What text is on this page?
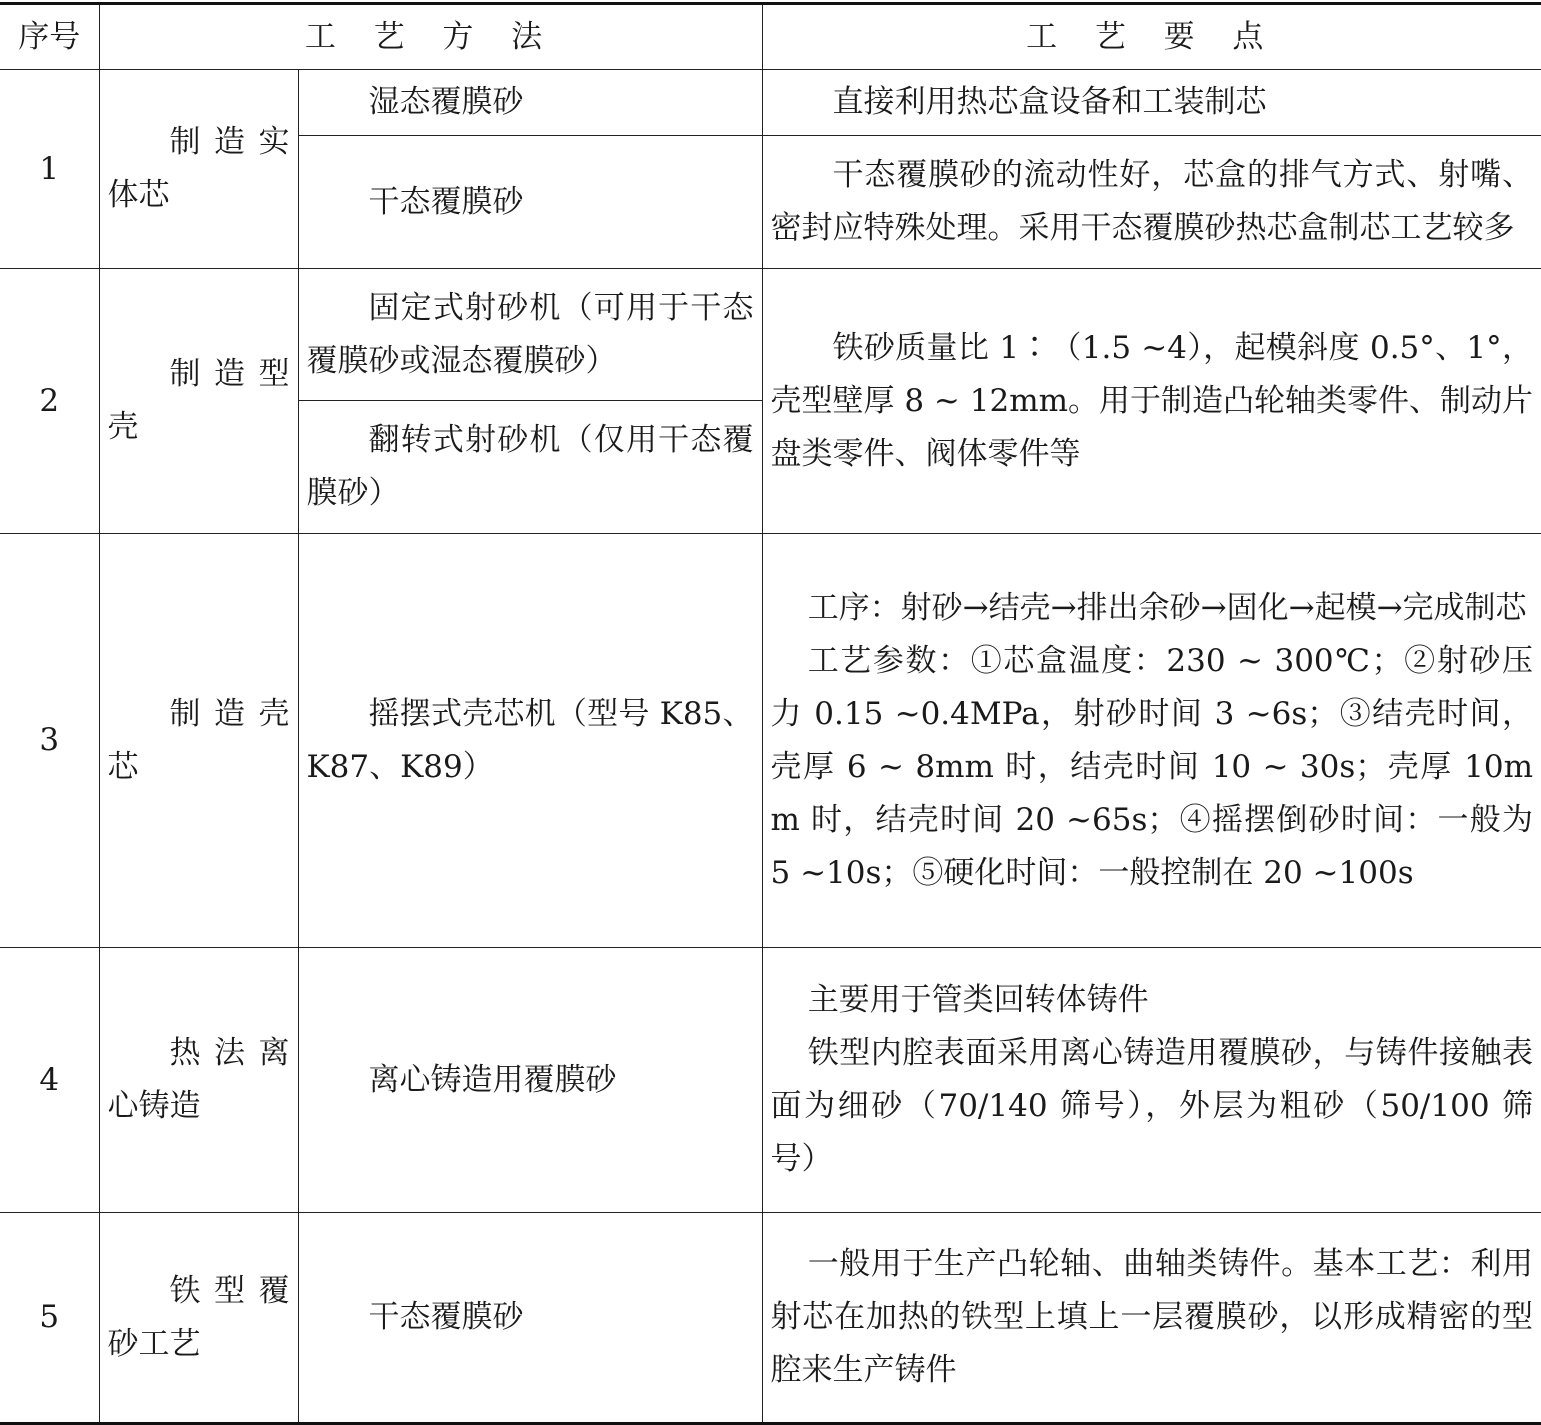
序号	工 艺 方 法		工 艺 要 点
1	制造实体芯	湿态覆膜砂	直接利用热芯盒设备和工装制芯
		干态覆膜砂	干态覆膜砂的流动性好，芯盒的排气方式、射嘴、密封应特殊处理。采用干态覆膜砂热芯盒制芯工艺较多
2	制造型壳	固定式射砂机（可用于干态覆膜砂或湿态覆膜砂）	铁砂质量比 1∶（1.5 ~4），起模斜度 0.5°、1°，壳型壁厚 8 ~ 12mm。用于制造凸轮轴类零件、制动片盘类零件、阀体零件等
		翻转式射砂机（仅用干态覆膜砂）	
3	制造壳芯	摇摆式壳芯机（型号 K85、K87、K89）	工序：射砂→结壳→排出余砂→固化→起模→完成制芯

工艺参数：①芯盒温度：230 ~ 300℃；②射砂压力 0.15 ~0.4MPa，射砂时间 3 ~6s；③结壳时间，壳厚 6 ~ 8mm 时，结壳时间 10 ~ 30s；壳厚 10mm 时，结壳时间 20 ~65s；④摇摆倒砂时间：一般为 5 ~10s；⑤硬化时间：一般控制在 20 ~100s

4	热法离心铸造	离心铸造用覆膜砂	主要用于管类回转体铸件

铁型内腔表面采用离心铸造用覆膜砂，与铸件接触表面为细砂（70/140 筛号），外层为粗砂（50/100 筛号）

5	铁型覆砂工艺	干态覆膜砂	一般用于生产凸轮轴、曲轴类铸件。基本工艺：利用射芯在加热的铁型上填上一层覆膜砂，以形成精密的型腔来生产铸件
